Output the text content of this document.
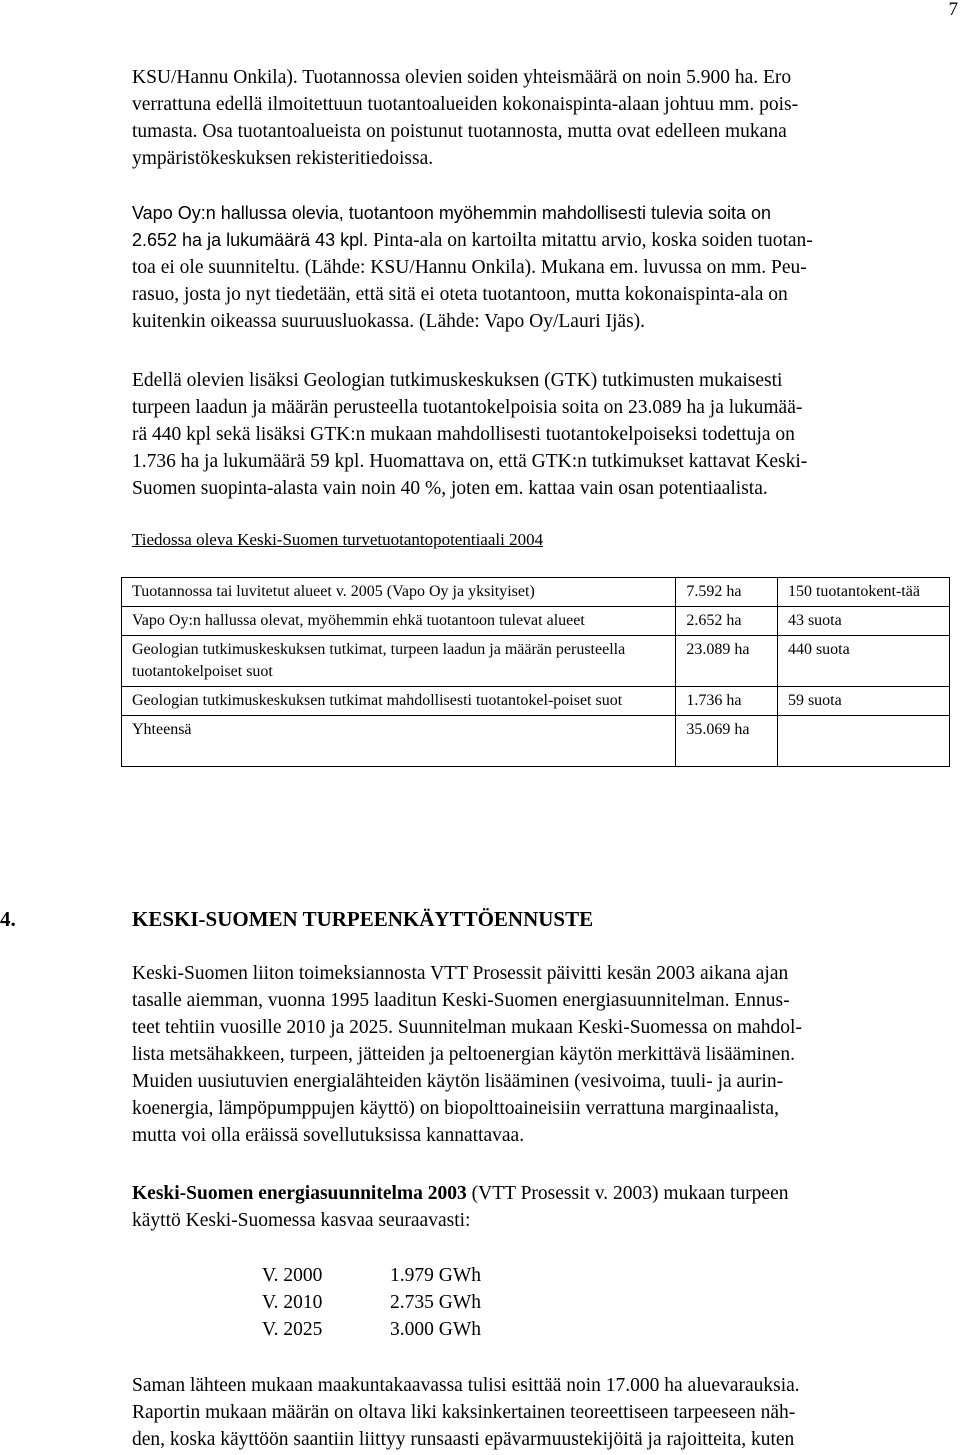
7
KSU/Hannu Onkila). Tuotannossa olevien soiden yhteismäärä on noin 5.900 ha. Ero
verrattuna edellä ilmoitettuun tuotantoalueiden kokonaispinta-alaan johtuu mm. pois-
tumasta. Osa tuotantoalueista on poistunut tuotannosta, mutta ovat edelleen mukana
ympäristökeskuksen rekisteritiedoissa.
Vapo Oy:n hallussa olevia, tuotantoon myöhemmin mahdollisesti tulevia soita on
2.652 ha ja lukumäärä 43 kpl. Pinta-ala on kartoilta mitattu arvio, koska soiden tuotan-
toa ei ole suunniteltu. (Lähde: KSU/Hannu Onkila). Mukana em. luvussa on mm. Peu-
rasuo, josta jo nyt tiedetään, että sitä ei oteta tuotantoon, mutta kokonaispinta-ala on
kuitenkin oikeassa suuruusluokassa. (Lähde: Vapo Oy/Lauri Ijäs).
Edellä olevien lisäksi Geologian tutkimuskeskuksen (GTK) tutkimusten mukaisesti
turpeen laadun ja määrän perusteella tuotantokelpoisia soita on 23.089 ha ja lukumää-
rä 440 kpl sekä lisäksi GTK:n mukaan mahdollisesti tuotantokelpoiseksi todettuja on
1.736 ha ja lukumäärä 59 kpl. Huomattava on, että GTK:n tutkimukset kattavat Keski-
Suomen suopinta-alasta vain noin 40 %, joten em. kattaa vain osan potentiaalista.
Tiedossa oleva Keski-Suomen turvetuotantopotentiaali 2004
Tuotannossa tai luvitetut alueet v. 2005 (Vapo Oy ja yksityiset)	7.592 ha	150 tuotantokent-tää
Vapo Oy:n hallussa olevat, myöhemmin ehkä tuotantoon tulevat alueet	2.652 ha	43 suota
Geologian tutkimuskeskuksen tutkimat, turpeen laadun ja määrän perusteella tuotantokelpoiset suot	23.089 ha	440 suota
Geologian tutkimuskeskuksen tutkimat mahdollisesti tuotantokel-poiset suot	1.736 ha	59 suota
Yhteensä	35.069 ha	
4.	KESKI-SUOMEN TURPEENKÄYTTÖENNUSTE
Keski-Suomen liiton toimeksiannosta VTT Prosessit päivitti kesän 2003 aikana ajan
tasalle aiemman, vuonna 1995 laaditun Keski-Suomen energiasuunnitelman. Ennus-
teet tehtiin vuosille 2010 ja 2025. Suunnitelman mukaan Keski-Suomessa on mahdol-
lista metsähakkeen, turpeen, jätteiden ja peltoenergian käytön merkittävä lisääminen.
Muiden uusiutuvien energialähteiden käytön lisääminen (vesivoima, tuuli- ja aurin-
koenergia, lämpöpumppujen käyttö) on biopolttoaineisiin verrattuna marginaalista,
mutta voi olla eräissä sovellutuksissa kannattavaa.
Keski-Suomen energiasuunnitelma 2003 (VTT Prosessit v. 2003) mukaan turpeen
käyttö Keski-Suomessa kasvaa seuraavasti:
V. 2000	1.979 GWh
V. 2010	2.735 GWh
V. 2025	3.000 GWh
Saman lähteen mukaan maakuntakaavassa tulisi esittää noin 17.000 ha aluevarauksia.
Raportin mukaan määrän on oltava liki kaksinkertainen teoreettiseen tarpeeseen näh-
den, koska käyttöön saantiin liittyy runsaasti epävarmuustekijöitä ja rajoitteita, kuten
